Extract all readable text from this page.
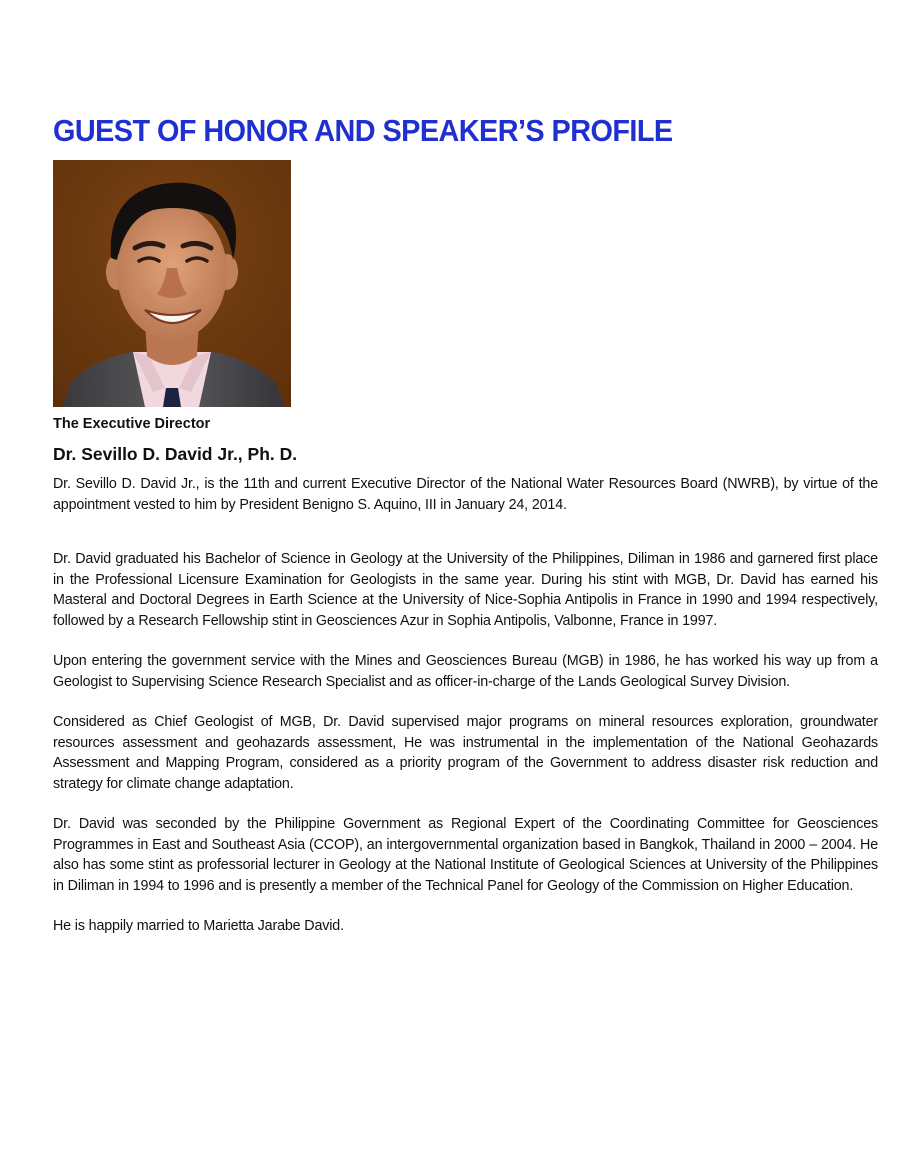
GUEST OF HONOR AND SPEAKER’S PROFILE
The Executive Director
Dr. Sevillo D. David Jr., Ph. D.

Dr. Sevillo D. David Jr., is the 11th and current Executive Director of the National Water Resources Board (NWRB), by virtue of the appointment vested to him by President Benigno S. Aquino, III in January 24, 2014.

Dr. David graduated his Bachelor of Science in Geology at the University of the Philippines, Diliman in 1986 and garnered first place in the Professional Licensure Examination for Geologists in the same year. During his stint with MGB, Dr. David has earned his Masteral and Doctoral Degrees in Earth Science at the University of Nice-Sophia Antipolis in France in 1990 and 1994 respectively, followed by a Research Fellowship stint in Geosciences Azur in Sophia Antipolis, Valbonne, France in 1997.

Upon entering the government service with the Mines and Geosciences Bureau (MGB) in 1986, he has worked his way up from a Geologist to Supervising Science Research Specialist and as officer-in-charge of the Lands Geological Survey Division.

Considered as Chief Geologist of MGB, Dr. David supervised major programs on mineral resources exploration, groundwater resources assessment and geohazards assessment, He was instrumental in the implementation of the National Geohazards Assessment and Mapping Program, considered as a priority program of the Government to address disaster risk reduction and strategy for climate change adaptation.

Dr. David was seconded by the Philippine Government as Regional Expert of the Coordinating Committee for Geosciences Programmes in East and Southeast Asia (CCOP), an intergovernmental organization based in Bangkok, Thailand in 2000 – 2004. He also has some stint as professorial lecturer in Geology at the National Institute of Geological Sciences at University of the Philippines in Diliman in 1994 to 1996 and is presently a member of the Technical Panel for Geology of the Commission on Higher Education.

He is happily married to Marietta Jarabe David.
